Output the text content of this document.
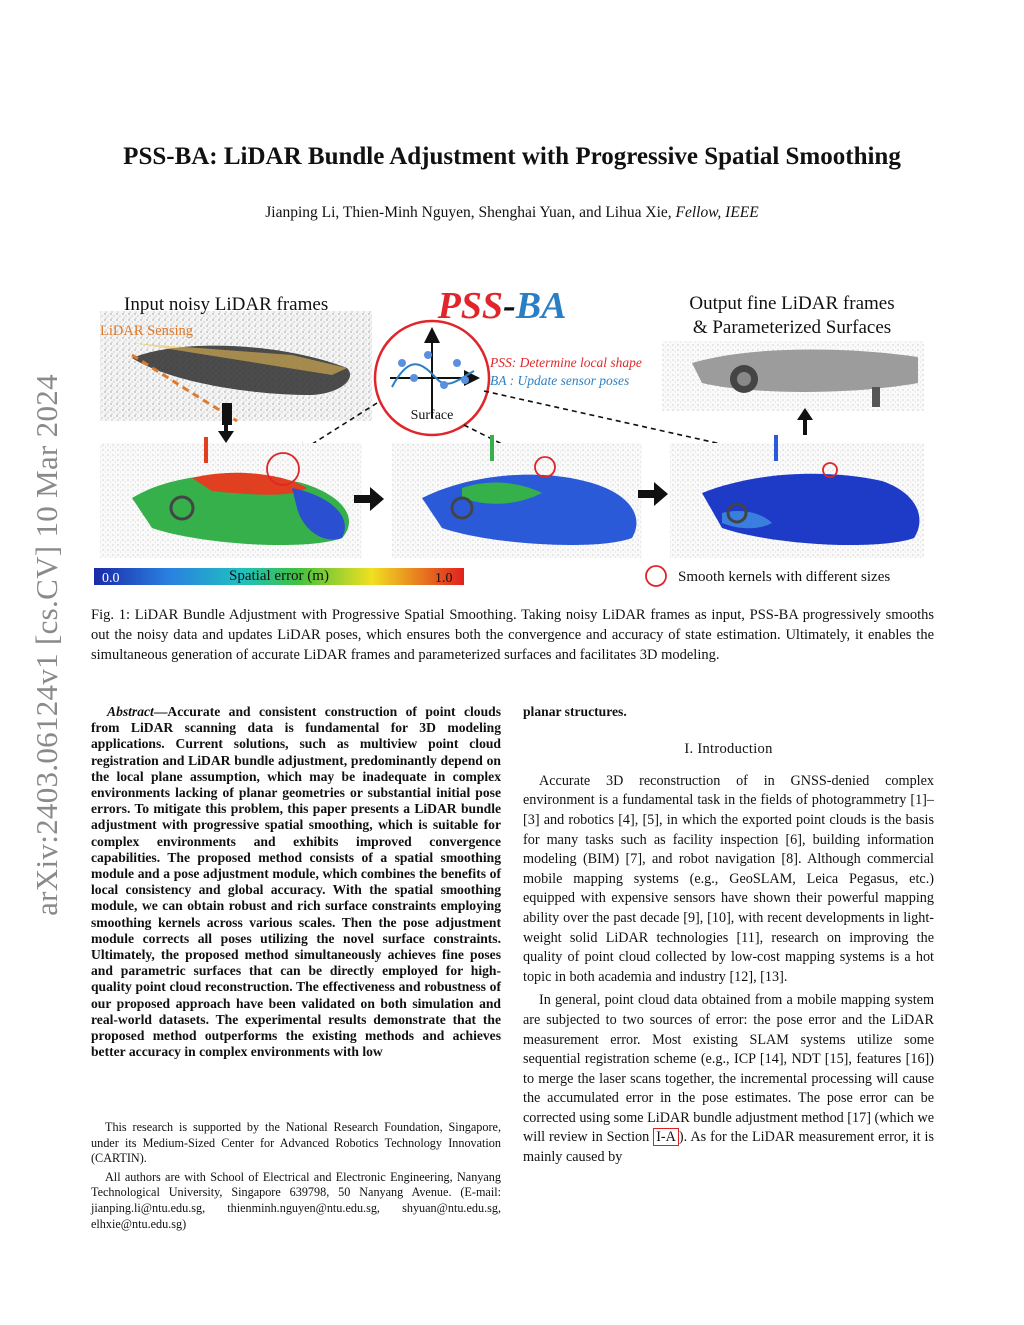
arXiv:2403.06124v1 [cs.CV] 10 Mar 2024
PSS-BA: LiDAR Bundle Adjustment with Progressive Spatial Smoothing
Jianping Li, Thien-Minh Nguyen, Shenghai Yuan, and Lihua Xie, Fellow, IEEE
Input noisy LiDAR frames
LiDAR Sensing
PSS-BA
Surface
PSS: Determine local shape
BA : Update sensor poses
Output fine LiDAR frames
& Parameterized Surfaces
0.0	Spatial error (m)	1.0	Smooth kernels with different sizes

Fig. 1: LiDAR Bundle Adjustment with Progressive Spatial Smoothing. Taking noisy LiDAR frames as input, PSS-BA progressively smooths out the noisy data and updates LiDAR poses, which ensures both the convergence and accuracy of state estimation. Ultimately, it enables the simultaneous generation of accurate LiDAR frames and parameterized surfaces and facilitates 3D modeling.

Abstract—Accurate and consistent construction of point clouds from LiDAR scanning data is fundamental for 3D modeling applications. Current solutions, such as multiview point cloud registration and LiDAR bundle adjustment, predominantly depend on the local plane assumption, which may be inadequate in complex environments lacking of planar geometries or substantial initial pose errors. To mitigate this problem, this paper presents a LiDAR bundle adjustment with progressive spatial smoothing, which is suitable for complex environments and exhibits improved convergence capabilities. The proposed method consists of a spatial smoothing module and a pose adjustment module, which combines the benefits of local consistency and global accuracy. With the spatial smoothing module, we can obtain robust and rich surface constraints employing smoothing kernels across various scales. Then the pose adjustment module corrects all poses utilizing the novel surface constraints. Ultimately, the proposed method simultaneously achieves fine poses and parametric surfaces that can be directly employed for high-quality point cloud reconstruction. The effectiveness and robustness of our proposed approach have been validated on both simulation and real-world datasets. The experimental results demonstrate that the proposed method outperforms the existing methods and achieves better accuracy in complex environments with low

This research is supported by the National Research Foundation, Singapore, under its Medium-Sized Center for Advanced Robotics Technology Innovation (CARTIN).

All authors are with School of Electrical and Electronic Engineering, Nanyang Technological University, Singapore 639798, 50 Nanyang Avenue. (E-mail: jianping.li@ntu.edu.sg, thienminh.nguyen@ntu.edu.sg, shyuan@ntu.edu.sg, elhxie@ntu.edu.sg)

planar structures.

I. Introduction

Accurate 3D reconstruction of in GNSS-denied complex environment is a fundamental task in the fields of photogrammetry [1]–[3] and robotics [4], [5], in which the exported point clouds is the basis for many tasks such as facility inspection [6], building information modeling (BIM) [7], and robot navigation [8]. Although commercial mobile mapping systems (e.g., GeoSLAM, Leica Pegasus, etc.) equipped with expensive sensors have shown their powerful mapping ability over the past decade [9], [10], with recent developments in light-weight solid LiDAR technologies [11], research on improving the quality of point cloud collected by low-cost mapping systems is a hot topic in both academia and industry [12], [13].

In general, point cloud data obtained from a mobile mapping system are subjected to two sources of error: the pose error and the LiDAR measurement error. Most existing SLAM systems utilize some sequential registration scheme (e.g., ICP [14], NDT [15], features [16]) to merge the laser scans together, the incremental processing will cause the accumulated error in the pose estimates. The pose error can be corrected using some LiDAR bundle adjustment method [17] (which we will review in Section I-A ). As for the LiDAR measurement error, it is mainly caused by
